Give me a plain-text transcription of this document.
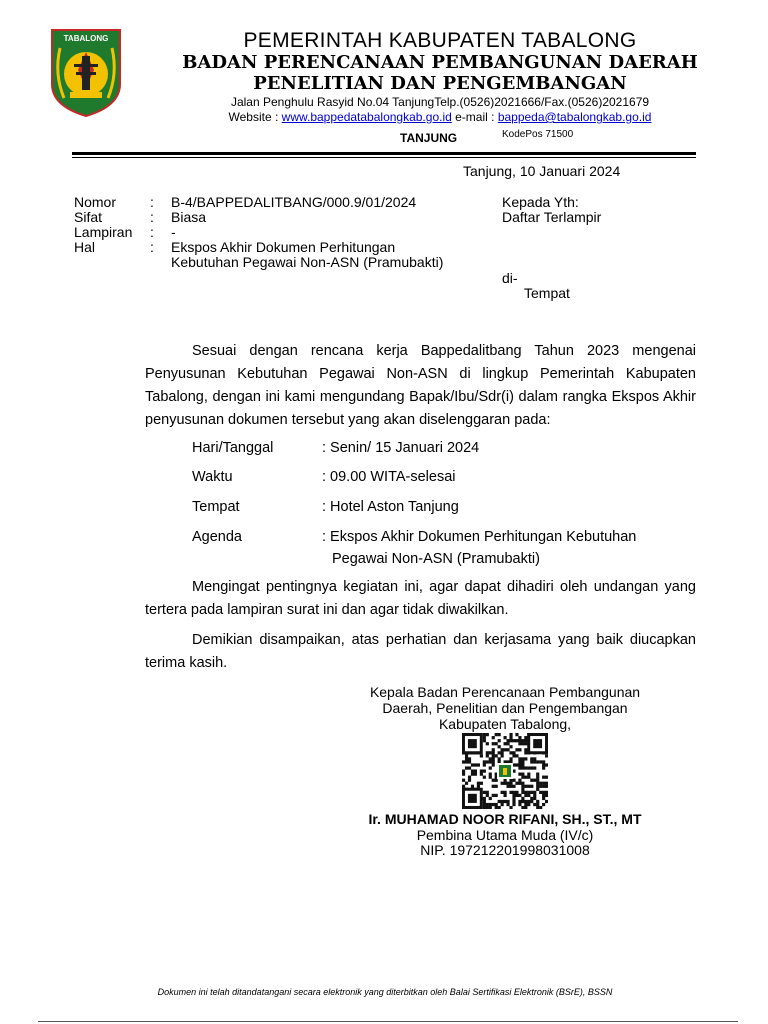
TABALONG	PEMERINTAH KABUPATEN TABALONG
BADAN PERENCANAAN PEMBANGUNAN DAERAH
PENELITIAN DAN PENGEMBANGAN
Jalan Penghulu Rasyid No.04 TanjungTelp.(0526)2021666/Fax.(0526)2021679
Website : www.bappedatabalongkab.go.id e-mail : bappeda@tabalongkab.go.id
TANJUNG	KodePos 71500
Tanjung, 10 Januari 2024
Nomor : B-4/BAPPEDALITBANG/000.9/01/2024
Sifat	: Biasa
Lampiran : -
Hal	: Ekspos Akhir Dokumen Perhitungan
Kebutuhan Pegawai Non-ASN (Pramubakti)
Kepada Yth:
Daftar Terlampir
di-
Tempat
Sesuai dengan rencana kerja Bappedalitbang Tahun 2023 mengenai Penyusunan Kebutuhan Pegawai Non-ASN di lingkup Pemerintah Kabupaten Tabalong, dengan ini kami mengundang Bapak/Ibu/Sdr(i) dalam rangka Ekspos Akhir penyusunan dokumen tersebut yang akan diselenggaran pada:
Hari/Tanggal	: Senin/ 15 Januari 2024
Waktu	: 09.00 WITA-selesai
Tempat	: Hotel Aston Tanjung
Agenda	: Ekspos Akhir Dokumen Perhitungan Kebutuhan
Pegawai Non-ASN (Pramubakti)
Mengingat pentingnya kegiatan ini, agar dapat dihadiri oleh undangan yang tertera pada lampiran surat ini dan agar tidak diwakilkan.
Demikian disampaikan, atas perhatian dan kerjasama yang baik diucapkan terima kasih.
Kepala Badan Perencanaan Pembangunan
Daerah, Penelitian dan Pengembangan
Kabupaten Tabalong,
Ir. MUHAMAD NOOR RIFANI, SH., ST., MT
Pembina Utama Muda (IV/c)
NIP. 197212201998031008
Dokumen ini telah ditandatangani secara elektronik yang diterbitkan oleh Balai Sertifikasi Elektronik (BSrE), BSSN
